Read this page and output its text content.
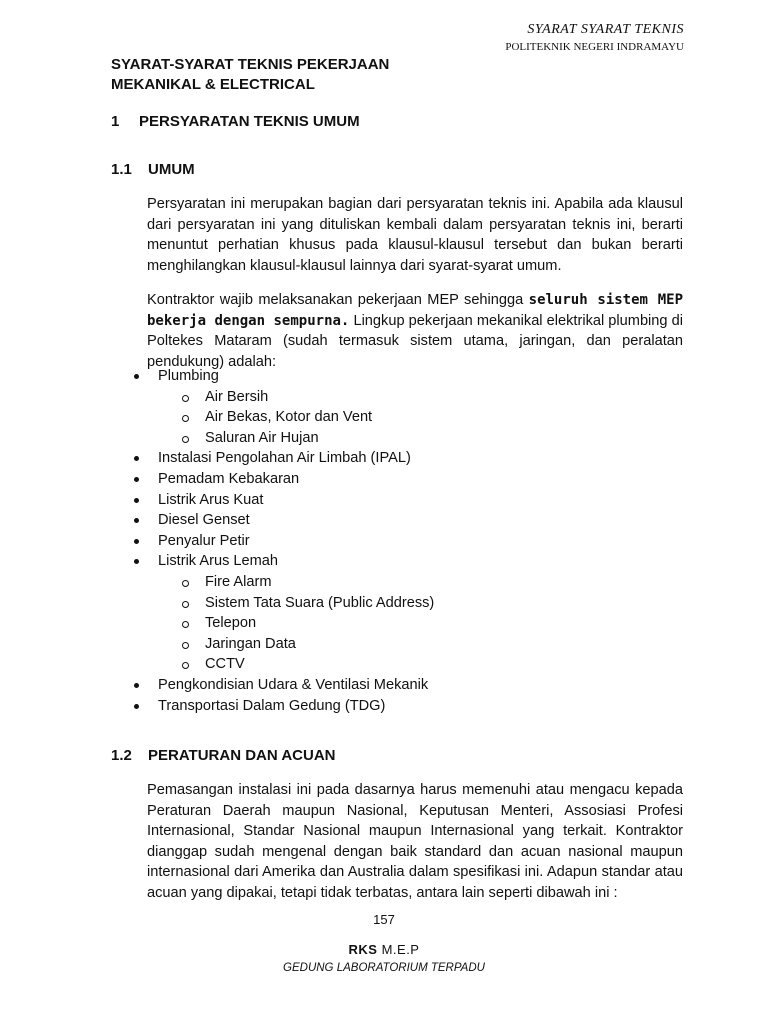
SYARAT SYARAT TEKNIS
POLITEKNIK NEGERI INDRAMAYU
SYARAT-SYARAT TEKNIS PEKERJAAN
MEKANIKAL & ELECTRICAL
1 PERSYARATAN TEKNIS UMUM
1.1 UMUM
Persyaratan ini merupakan bagian dari persyaratan teknis ini. Apabila ada klausul dari persyaratan ini yang dituliskan kembali dalam persyaratan teknis ini, berarti menuntut perhatian khusus pada klausul-klausul tersebut dan bukan berarti menghilangkan klausul-klausul lainnya dari syarat-syarat umum.
Kontraktor wajib melaksanakan pekerjaan MEP sehingga seluruh sistem MEP bekerja dengan sempurna. Lingkup pekerjaan mekanikal elektrikal plumbing di Poltekes Mataram (sudah termasuk sistem utama, jaringan, dan peralatan pendukung) adalah:
Plumbing
Air Bersih
Air Bekas, Kotor dan Vent
Saluran Air Hujan
Instalasi Pengolahan Air Limbah (IPAL)
Pemadam Kebakaran
Listrik Arus Kuat
Diesel Genset
Penyalur Petir
Listrik Arus Lemah
Fire Alarm
Sistem Tata Suara (Public Address)
Telepon
Jaringan Data
CCTV
Pengkondisian Udara & Ventilasi Mekanik
Transportasi Dalam Gedung (TDG)
1.2 PERATURAN DAN ACUAN
Pemasangan instalasi ini pada dasarnya harus memenuhi atau mengacu kepada Peraturan Daerah maupun Nasional, Keputusan Menteri, Assosiasi Profesi Internasional, Standar Nasional maupun Internasional yang terkait. Kontraktor dianggap sudah mengenal dengan baik standard dan acuan nasional maupun internasional dari Amerika dan Australia dalam spesifikasi ini. Adapun standar atau acuan yang dipakai, tetapi tidak terbatas, antara lain seperti dibawah ini :
157
RKS M.E.P
GEDUNG LABORATORIUM TERPADU
